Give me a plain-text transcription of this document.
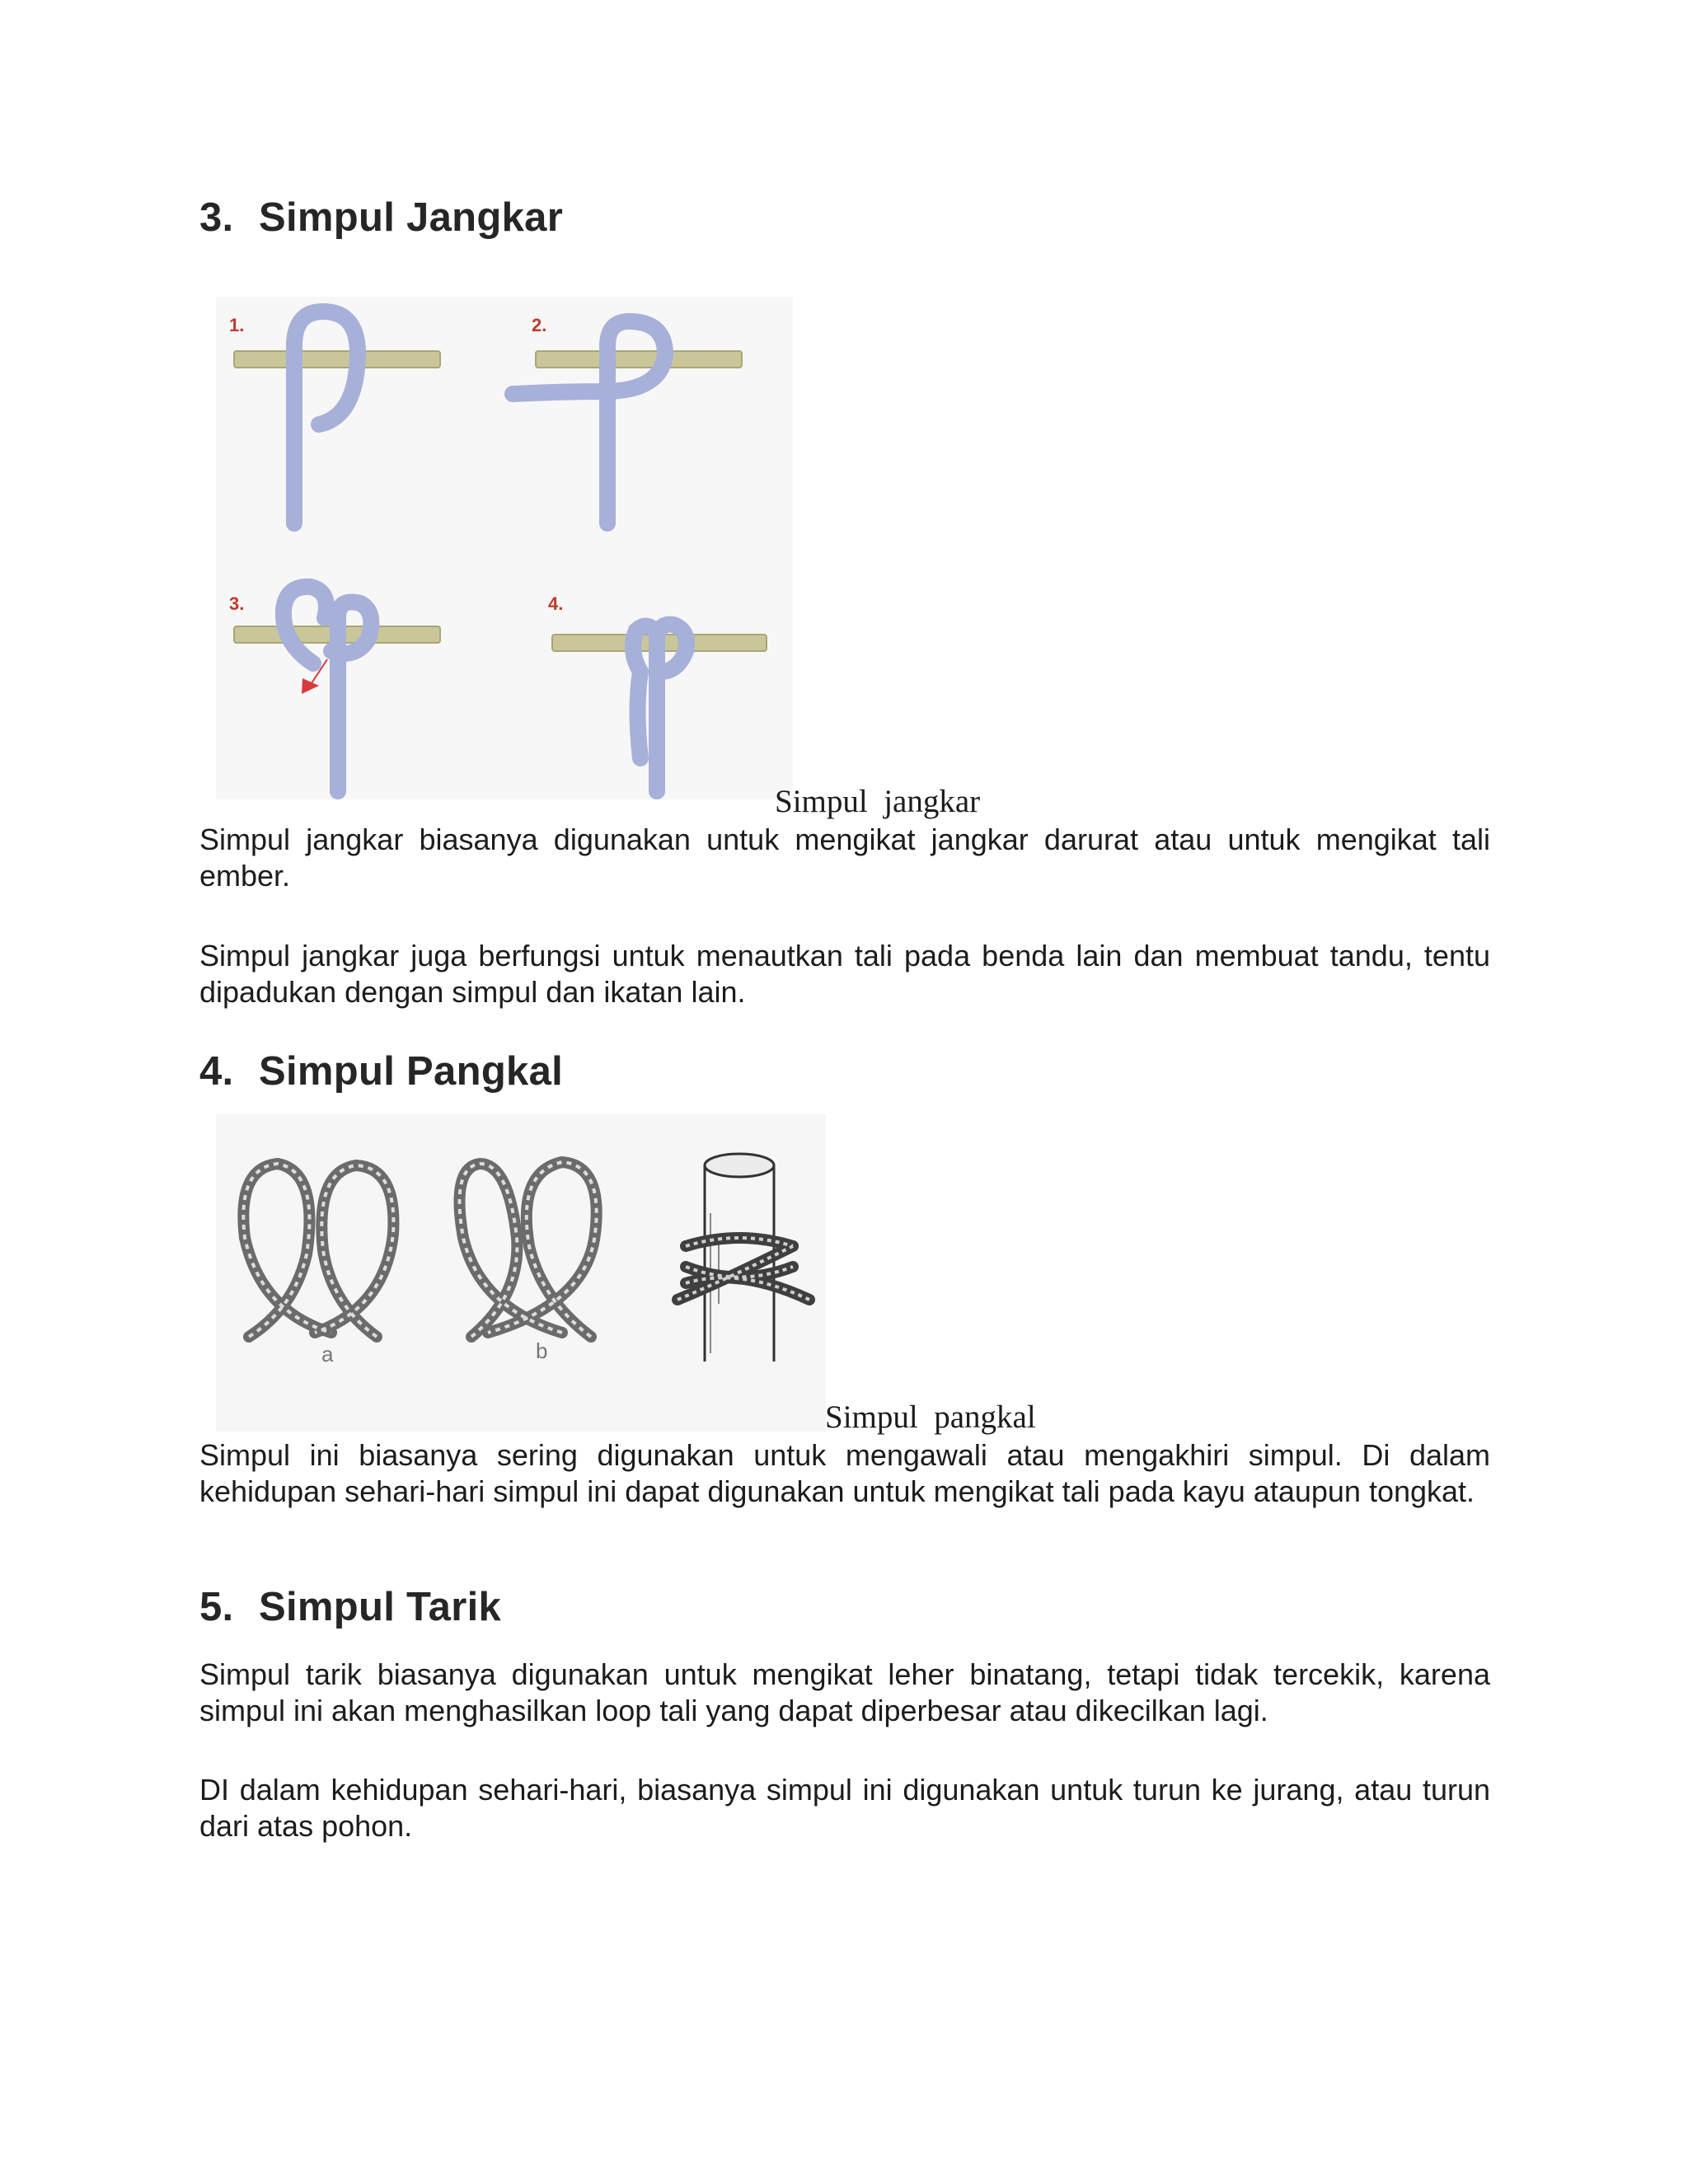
3. Simpul Jangkar
1.	2.
3.	4.
Simpul  jangkar

Simpul jangkar biasanya digunakan untuk mengikat jangkar darurat atau untuk mengikat tali ember.

Simpul jangkar juga berfungsi untuk menautkan tali pada benda lain dan membuat tandu, tentu dipadukan dengan simpul dan ikatan lain.

4. Simpul Pangkal
a	b
Simpul  pangkal

Simpul ini biasanya sering digunakan untuk mengawali atau mengakhiri simpul. Di dalam kehidupan sehari-hari simpul ini dapat digunakan untuk mengikat tali pada kayu ataupun tongkat.

5. Simpul Tarik

Simpul tarik biasanya digunakan untuk mengikat leher binatang, tetapi tidak tercekik, karena simpul ini akan menghasilkan loop tali yang dapat diperbesar atau dikecilkan lagi.

DI dalam kehidupan sehari-hari, biasanya simpul ini digunakan untuk turun ke jurang, atau turun dari atas pohon.
